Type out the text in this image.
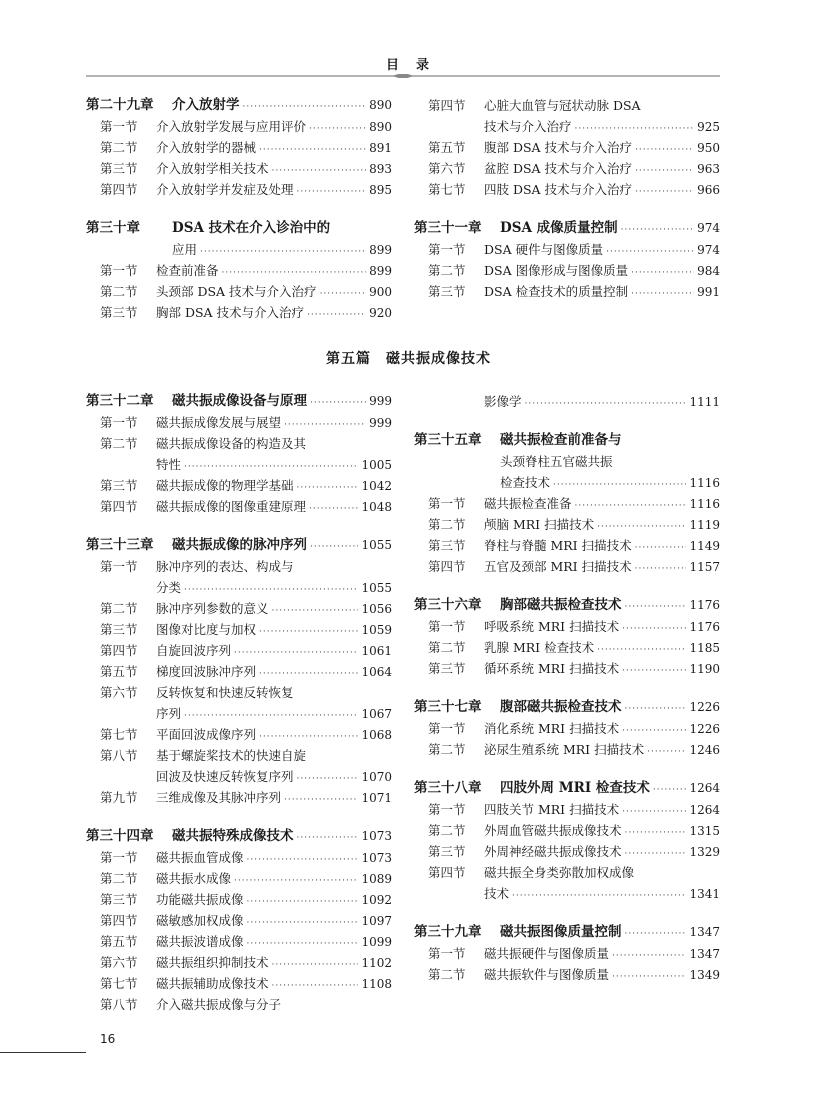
目　录
第二十九章 介入放射学 ·····	890
第一节 介入放射学发展与应用评价 ·····	890
第二节 介入放射学的器械 ·····	891
第三节 介入放射学相关技术 ·····	893
第四节 介入放射学并发症及处理 ·····	895
第三十章 DSA 技术在介入诊治中的
应用 ·····	899
第一节 检查前准备 ·····	899
第二节 头颈部 DSA 技术与介入治疗 ·····	900
第三节 胸部 DSA 技术与介入治疗 ·····	920
第四节 心脏大血管与冠状动脉 DSA
技术与介入治疗 ·····	925
第五节 腹部 DSA 技术与介入治疗 ·····	950
第六节 盆腔 DSA 技术与介入治疗 ·····	963
第七节 四肢 DSA 技术与介入治疗 ·····	966
第三十一章 DSA 成像质量控制 ·····	974
第一节 DSA 硬件与图像质量 ·····	974
第二节 DSA 图像形成与图像质量 ·····	984
第三节 DSA 检查技术的质量控制 ·····	991
第五篇　磁共振成像技术
第三十二章 磁共振成像设备与原理 ·····	999
第一节 磁共振成像发展与展望 ·····	999
第二节 磁共振成像设备的构造及其
特性 ·····	1005
第三节 磁共振成像的物理学基础 ·····	1042
第四节 磁共振成像的图像重建原理 ·····	1048
第三十三章 磁共振成像的脉冲序列 ·····	1055
第一节 脉冲序列的表达、构成与
分类 ·····	1055
第二节 脉冲序列参数的意义 ·····	1056
第三节 图像对比度与加权 ·····	1059
第四节 自旋回波序列 ·····	1061
第五节 梯度回波脉冲序列 ·····	1064
第六节 反转恢复和快速反转恢复
序列 ·····	1067
第七节 平面回波成像序列 ·····	1068
第八节 基于螺旋桨技术的快速自旋
回波及快速反转恢复序列 ·····	1070
第九节 三维成像及其脉冲序列 ·····	1071
第三十四章 磁共振特殊成像技术 ·····	1073
第一节 磁共振血管成像 ·····	1073
第二节 磁共振水成像 ·····	1089
第三节 功能磁共振成像 ·····	1092
第四节 磁敏感加权成像 ·····	1097
第五节 磁共振波谱成像 ·····	1099
第六节 磁共振组织抑制技术 ·····	1102
第七节 磁共振辅助成像技术 ·····	1108
第八节 介入磁共振成像与分子
影像学 ·····	1111
第三十五章 磁共振检查前准备与
头颈脊柱五官磁共振
检查技术 ·····	1116
第一节 磁共振检查准备 ·····	1116
第二节 颅脑 MRI 扫描技术 ·····	1119
第三节 脊柱与脊髓 MRI 扫描技术 ·····	1149
第四节 五官及颈部 MRI 扫描技术 ·····	1157
第三十六章 胸部磁共振检查技术 ·····	1176
第一节 呼吸系统 MRI 扫描技术 ·····	1176
第二节 乳腺 MRI 检查技术 ·····	1185
第三节 循环系统 MRI 扫描技术 ·····	1190
第三十七章 腹部磁共振检查技术 ·····	1226
第一节 消化系统 MRI 扫描技术 ·····	1226
第二节 泌尿生殖系统 MRI 扫描技术 ·····	1246
第三十八章 四肢外周 MRI 检查技术 ·····	1264
第一节 四肢关节 MRI 扫描技术 ·····	1264
第二节 外周血管磁共振成像技术 ·····	1315
第三节 外周神经磁共振成像技术 ·····	1329
第四节 磁共振全身类弥散加权成像
技术 ·····	1341
第三十九章 磁共振图像质量控制 ·····	1347
第一节 磁共振硬件与图像质量 ·····	1347
第二节 磁共振软件与图像质量 ·····	1349
16
